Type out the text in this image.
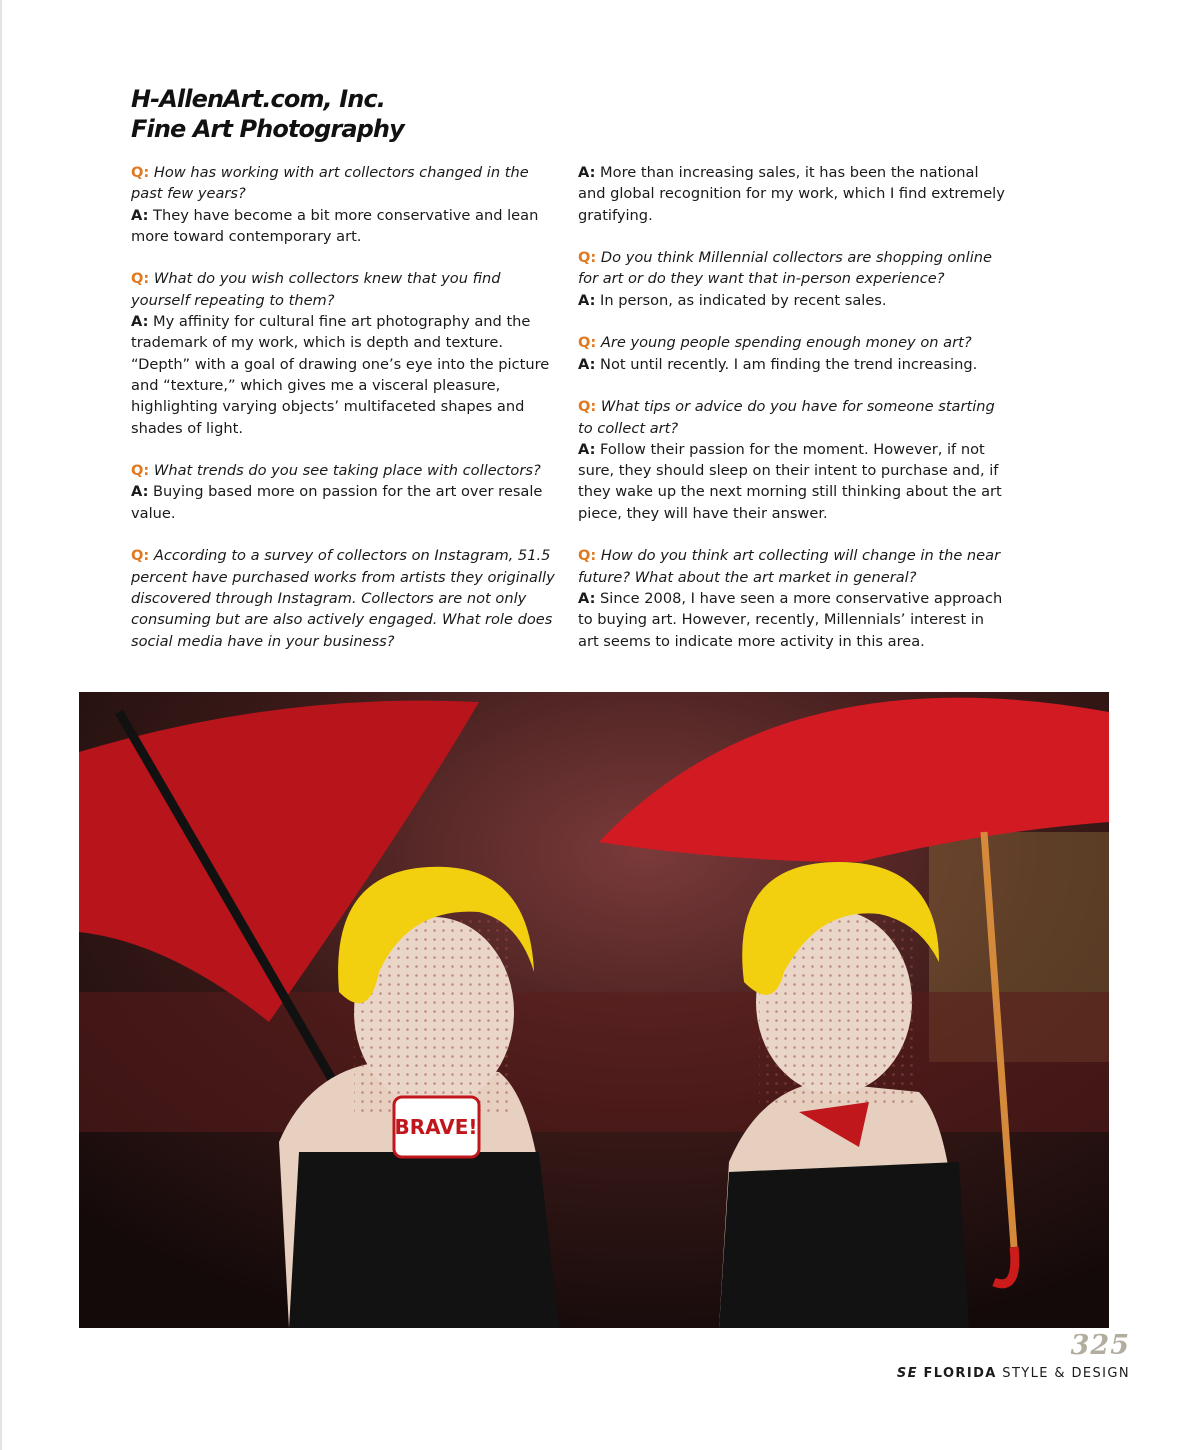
H-AllenArt.com, Inc.
Fine Art Photography

Q: How has working with art collectors changed in the past few years?

A: They have become a bit more conservative and lean more toward contemporary art.

Q: What do you wish collectors knew that you find yourself repeating to them?

A: My affinity for cultural fine art photography and the trademark of my work, which is depth and texture. “Depth” with a goal of drawing one’s eye into the picture and “texture,” which gives me a visceral pleasure, highlighting varying objects’ multifaceted shapes and shades of light.

Q: What trends do you see taking place with collectors?

A: Buying based more on passion for the art over resale value.

Q: According to a survey of collectors on Instagram, 51.5 percent have purchased works from artists they originally discovered through Instagram. Collectors are not only consuming but are also actively engaged. What role does social media have in your business?

A: More than increasing sales, it has been the national and global recognition for my work, which I find extremely gratifying.

Q: Do you think Millennial collectors are shopping online for art or do they want that in-person experience?

A: In person, as indicated by recent sales.

Q: Are young people spending enough money on art?

A: Not until recently. I am finding the trend increasing.

Q: What tips or advice do you have for someone starting to collect art?

A: Follow their passion for the moment. However, if not sure, they should sleep on their intent to purchase and, if they wake up the next morning still thinking about the art piece, they will have their answer.

Q: How do you think art collecting will change in the near future? What about the art market in general?

A: Since 2008, I have seen a more conservative approach to buying art. However, recently, Millennials’ interest in art seems to indicate more activity in this area.

BRAVE!
325
SE FLORIDA STYLE & DESIGN
